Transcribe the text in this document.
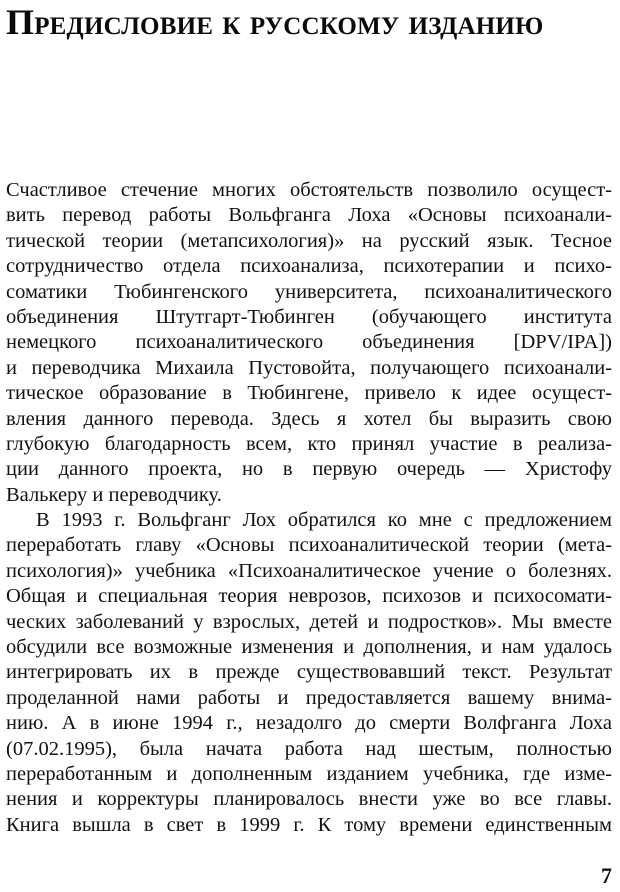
Предисловие к русскому изданию
Счастливое стечение многих обстоятельств позволило осущест-
вить перевод работы Вольфганга Лоха «Основы психоанали-
тической теории (метапсихология)» на русский язык. Тесное
сотрудничество отдела психоанализа, психотерапии и психо-
соматики Тюбингенского университета, психоаналитического
объединения Штутгарт-Тюбинген (обучающего института
немецкого психоаналитического объединения [DPV/IPA])
и переводчика Михаила Пустовойта, получающего психоанали-
тическое образование в Тюбингене, привело к идее осущест-
вления данного перевода. Здесь я хотел бы выразить свою
глубокую благодарность всем, кто принял участие в реализа-
ции данного проекта, но в первую очередь — Христофу
Валькеру и переводчику.
В 1993 г. Вольфганг Лох обратился ко мне с предложением
переработать главу «Основы психоаналитической теории (мета-
психология)» учебника «Психоаналитическое учение о болезнях.
Общая и специальная теория неврозов, психозов и психосомати-
ческих заболеваний у взрослых, детей и подростков». Мы вместе
обсудили все возможные изменения и дополнения, и нам удалось
интегрировать их в прежде существовавший текст. Результат
проделанной нами работы и предоставляется вашему внима-
нию. А в июне 1994 г., незадолго до смерти Волфганга Лоха
(07.02.1995), была начата работа над шестым, полностью
переработанным и дополненным изданием учебника, где изме-
нения и корректуры планировалось внести уже во все главы.
Книга вышла в свет в 1999 г. К тому времени единственным
7
